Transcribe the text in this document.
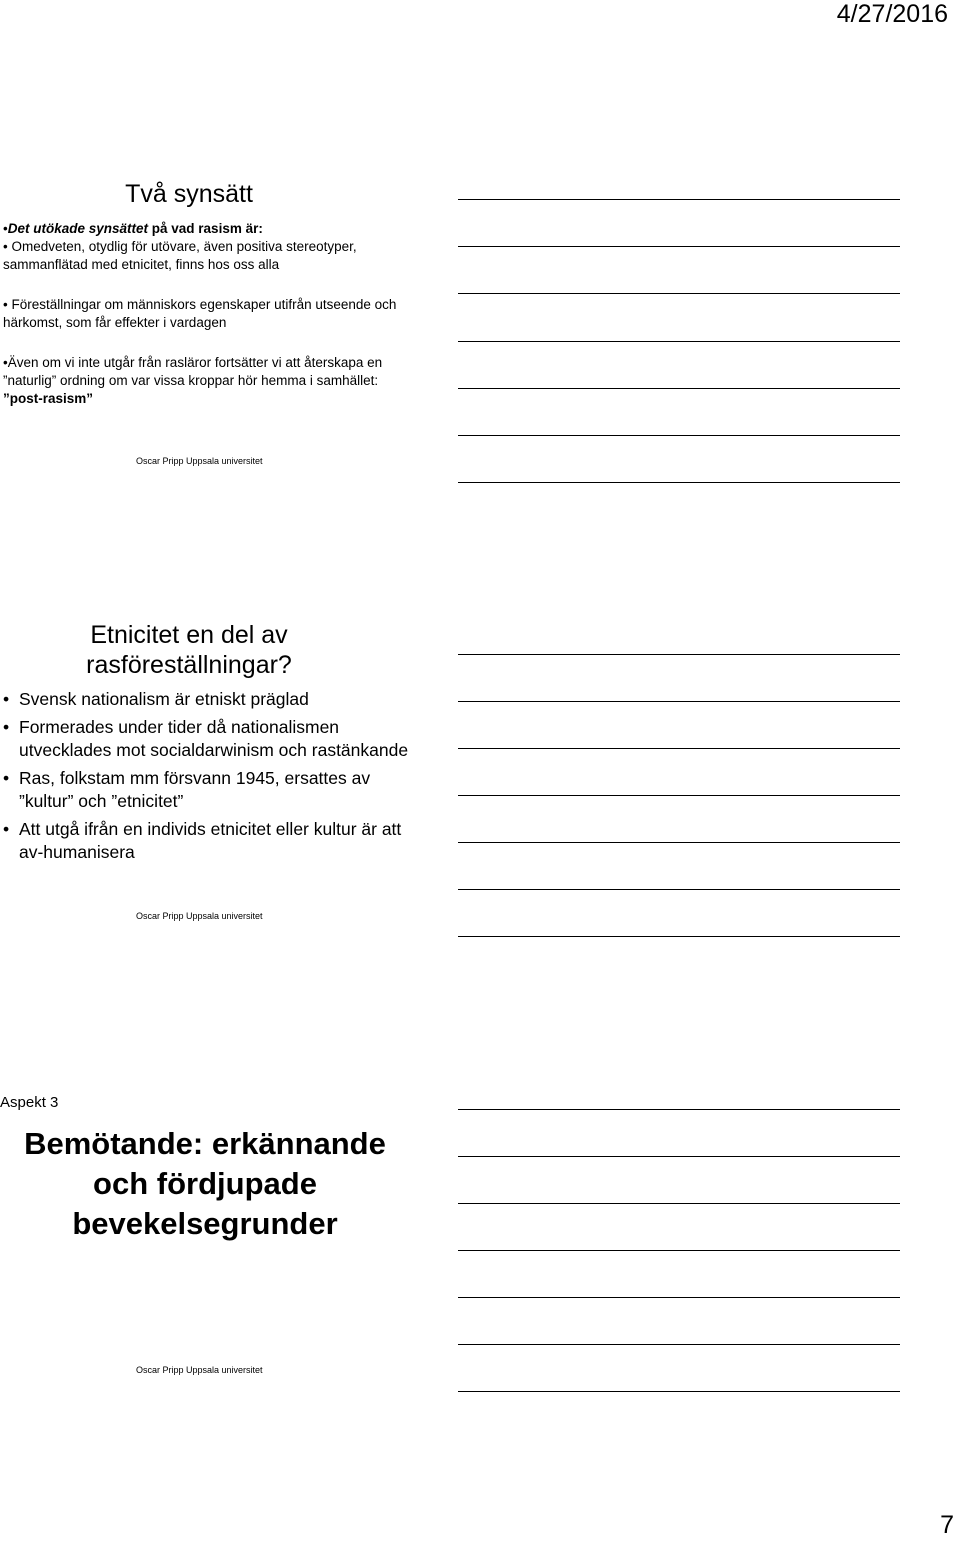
4/27/2016
Två synsätt

•Det utökade synsättet på vad rasism är:

• Omedveten, otydlig för utövare, även positiva stereotyper, sammanflätad med etnicitet, finns hos oss alla

• Föreställningar om människors egenskaper utifrån utseende och härkomst, som får effekter i vardagen

•Även om vi inte utgår från rasläror fortsätter vi att återskapa en ”naturlig” ordning om var vissa kroppar hör hemma i samhället: ”post-rasism”

Oscar Pripp Uppsala universitet
Etnicitet en del av rasföreställningar?
• Svensk nationalism är etniskt präglad
• Formerades under tider då nationalismen utvecklades mot socialdarwinism och rastänkande
• Ras, folkstam mm försvann 1945, ersattes av ”kultur” och ”etnicitet”
• Att utgå ifrån en individs etnicitet eller kultur är att av-humanisera
Oscar Pripp Uppsala universitet
Aspekt 3
Bemötande: erkännande och fördjupade bevekelsegrunder
Oscar Pripp Uppsala universitet
7
